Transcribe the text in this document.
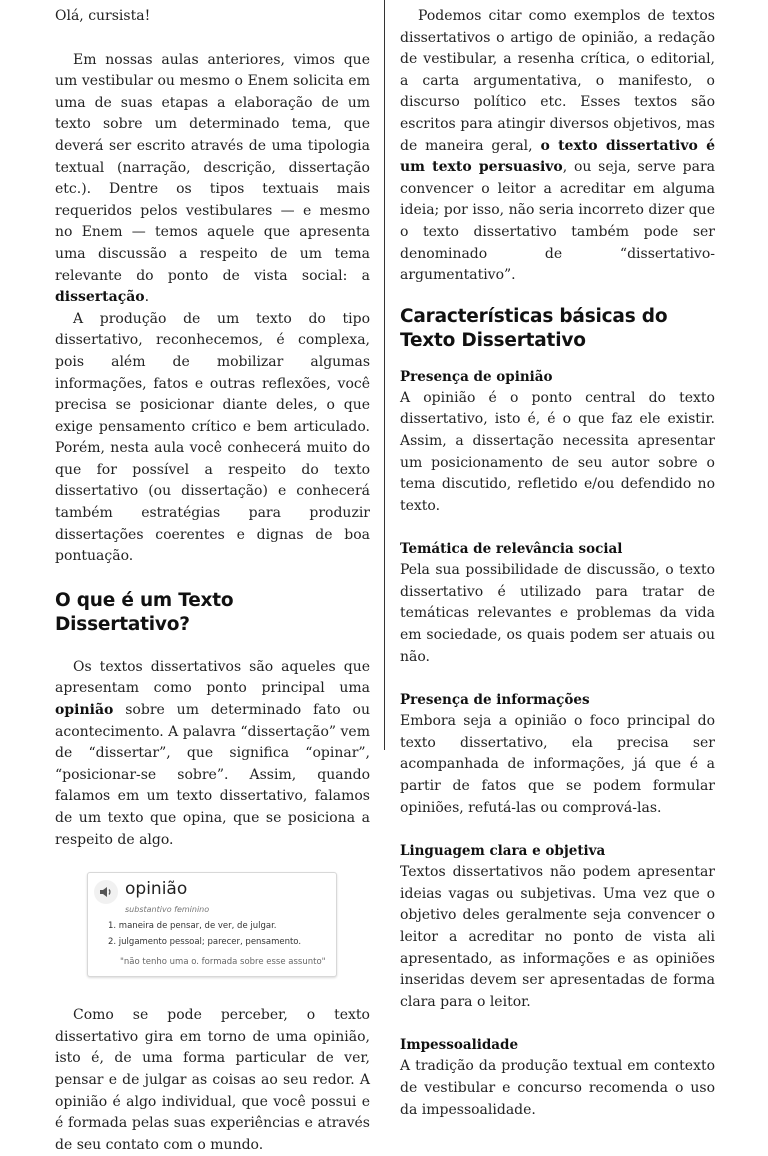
Olá, cursista!

Em nossas aulas anteriores, vimos que um vestibular ou mesmo o Enem solicita em uma de suas etapas a elaboração de um texto sobre um determinado tema, que deverá ser escrito através de uma tipologia textual (narração, descrição, dissertação etc.). Dentre os tipos textuais mais requeridos pelos vestibulares — e mesmo no Enem — temos aquele que apresenta uma discussão a respeito de um tema relevante do ponto de vista social: a dissertação.

A produção de um texto do tipo dissertativo, reconhecemos, é complexa, pois além de mobilizar algumas informações, fatos e outras reflexões, você precisa se posicionar diante deles, o que exige pensamento crítico e bem articulado. Porém, nesta aula você conhecerá muito do que for possível a respeito do texto dissertativo (ou dissertação) e conhecerá também estratégias para produzir dissertações coerentes e dignas de boa pontuação.

O que é um Texto Dissertativo?

Os textos dissertativos são aqueles que apresentam como ponto principal uma opinião sobre um determinado fato ou acontecimento. A palavra “dissertação” vem de “dissertar”, que significa “opinar”, “posicionar-se sobre”. Assim, quando falamos em um texto dissertativo, falamos de um texto que opina, que se posiciona a respeito de algo.

opinião
substantivo feminino
1. maneira de pensar, de ver, de julgar.
2. julgamento pessoal; parecer, pensamento.
"não tenho uma o. formada sobre esse assunto"

Como se pode perceber, o texto dissertativo gira em torno de uma opinião, isto é, de uma forma particular de ver, pensar e de julgar as coisas ao seu redor. A opinião é algo individual, que você possui e é formada pelas suas experiências e através de seu contato com o mundo.

Podemos citar como exemplos de textos dissertativos o artigo de opinião, a redação de vestibular, a resenha crítica, o editorial, a carta argumentativa, o manifesto, o discurso político etc. Esses textos são escritos para atingir diversos objetivos, mas de maneira geral, o texto dissertativo é um texto persuasivo, ou seja, serve para convencer o leitor a acreditar em alguma ideia; por isso, não seria incorreto dizer que o texto dissertativo também pode ser denominado de “dissertativo-argumentativo”.

Características básicas do
Texto Dissertativo
Presença de opinião

A opinião é o ponto central do texto dissertativo, isto é, é o que faz ele existir. Assim, a dissertação necessita apresentar um posicionamento de seu autor sobre o tema discutido, refletido e/ou defendido no texto.

Temática de relevância social

Pela sua possibilidade de discussão, o texto dissertativo é utilizado para tratar de temáticas relevantes e problemas da vida em sociedade, os quais podem ser atuais ou não.

Presença de informações

Embora seja a opinião o foco principal do texto dissertativo, ela precisa ser acompanhada de informações, já que é a partir de fatos que se podem formular opiniões, refutá-las ou comprová-las.

Linguagem clara e objetiva

Textos dissertativos não podem apresentar ideias vagas ou subjetivas. Uma vez que o objetivo deles geralmente seja convencer o leitor a acreditar no ponto de vista ali apresentado, as informações e as opiniões inseridas devem ser apresentadas de forma clara para o leitor.

Impessoalidade

A tradição da produção textual em contexto de vestibular e concurso recomenda o uso da impessoalidade.
